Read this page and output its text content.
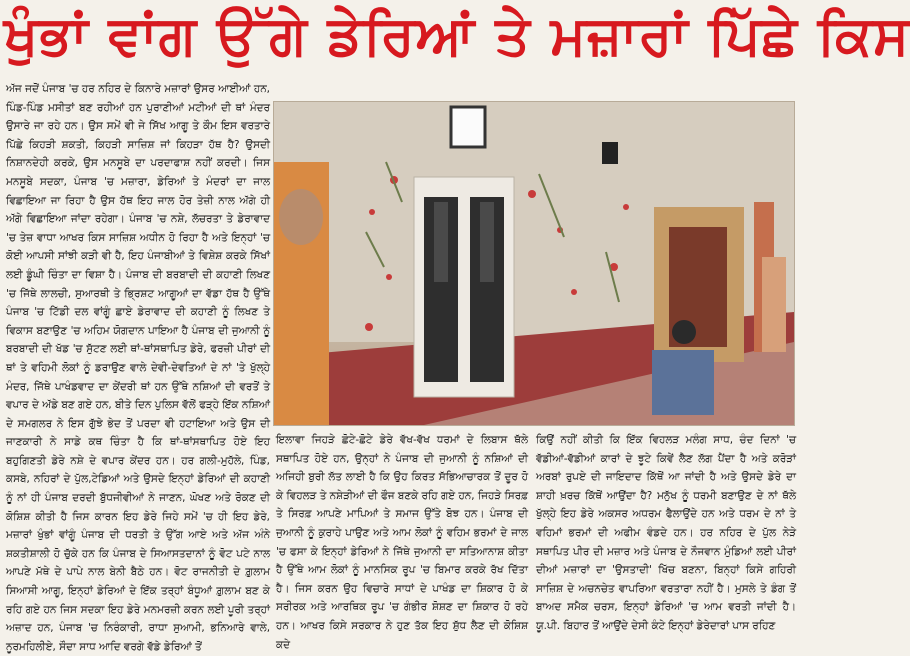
ਖੁੰਭਾਂ ਵਾਂਗ ਉੱਗੇ ਡੇਰਿਆਂ ਤੇ ਮਜ਼ਾਰਾਂ ਪਿੱਛੇ ਕਿਸ
ਅੱਜ ਜਦੋਂ ਪੰਜਾਬ 'ਚ ਹਰ ਨਹਿਰ ਦੇ ਕਿਨਾਰੇ ਮਜ਼ਾਰਾਂ ਉਸਰ ਆਈਆਂ ਹਨ, ਪਿੰਡ-ਪਿੰਡ ਮਸੀਤਾਂ ਬਣ ਰਹੀਆਂ ਹਨ ਪੁਰਾਣੀਆਂ ਮਟੀਆਂ ਦੀ ਥਾਂ ਮੰਦਰ ਉਸਾਰੇ ਜਾ ਰਹੇ ਹਨ। ਉਸ ਸਮੇਂ ਵੀ ਜੇ ਸਿੱਖ ਆਗੂ ਤੇ ਕੌਮ ਇਸ ਵਰਤਾਰੇ ਪਿੱਛੇ ਕਿਹੜੀ ਸ਼ਕਤੀ, ਕਿਹੜੀ ਸਾਜ਼ਿਸ਼ ਜਾਂ ਕਿਹੜਾ ਹੱਥ ਹੈ? ਉਸਦੀ ਨਿਸ਼ਾਨਦੇਹੀ ਕਰਕੇ, ਉਸ ਮਨਸੂਬੇ ਦਾ ਪਰਦਾਫਾਸ਼ ਨਹੀਂ ਕਰਦੀ। ਜਿਸ ਮਨਸੂਬੇ ਸਦਕਾ, ਪੰਜਾਬ 'ਚ ਮਜ਼ਾਰਾ, ਡੇਰਿਆਂ ਤੇ ਮੰਦਰਾਂ ਦਾ ਜਾਲ ਵਿਛਾਇਆ ਜਾ ਰਿਹਾ ਹੈ ਉਸ ਹੱਥ ਇਹ ਜਾਲ ਹੋਰ ਤੇਜ਼ੀ ਨਾਲ ਅੱਗੇ ਹੀ ਅੱਗੇ ਵਿਛਾਇਆ ਜਾਂਦਾ ਰਹੇਗਾ। ਪੰਜਾਬ 'ਚ ਨਸ਼ੇ, ਲੱਚਰਤਾ ਤੇ ਡੇਰਾਵਾਦ 'ਚ ਤੇਜ਼ ਵਾਧਾ ਆਖਰ ਕਿਸ ਸਾਜ਼ਿਸ਼ ਅਧੀਨ ਹੋ ਰਿਹਾ ਹੈ ਅਤੇ ਇਨ੍ਹਾਂ 'ਚ ਕੋਈ ਆਪਸੀ ਸਾਂਝੀ ਕੜੀ ਵੀ ਹੈ, ਇਹ ਪੰਜਾਬੀਆਂ ਤੇ ਵਿਸ਼ੇਸ਼ ਕਰਕੇ ਸਿੱਖਾਂ ਲਈ ਡੂੰਘੀ ਚਿੰਤਾ ਦਾ ਵਿਸ਼ਾ ਹੈ। ਪੰਜਾਬ ਦੀ ਬਰਬਾਦੀ ਦੀ ਕਹਾਣੀ ਲਿਖਣ 'ਚ ਜਿੱਥੇ ਲਾਲਚੀ, ਸੁਆਰਥੀ ਤੇ ਭ੍ਰਿਸ਼ਟ ਆਗੂਆਂ ਦਾ ਵੱਡਾ ਹੱਥ ਹੈ ਉੱਥੇ ਪੰਜਾਬ 'ਚ ਟਿੱਡੀ ਦਲ ਵਾਂਗੂੰ ਛਾਏ ਡੇਰਾਵਾਦ ਦੀ ਕਹਾਣੀ ਨੂੰ ਲਿਖਣ ਤੇ ਵਿਕਾਸ ਬਣਾਉਣ 'ਚ ਅਹਿਮ ਯੋਗਦਾਨ ਪਾਇਆ ਹੈ ਪੰਜਾਬ ਦੀ ਜੁਆਨੀ ਨੂੰ ਬਰਬਾਦੀ ਦੀ ਖੱਡ 'ਚ ਸੁੱਟਣ ਲਈ ਥਾਂ-ਥਾਂਸਥਾਪਿਤ ਡੇਰੇ, ਫਰਜ਼ੀ ਪੀਰਾਂ ਦੀ ਥਾਂ ਤੇ ਵਹਿਮੀ ਲੋਕਾਂ ਨੂੰ ਡਰਾਉਣ ਵਾਲੇ ਦੇਵੀ-ਦੇਵਤਿਆਂ ਦੇ ਨਾਂ 'ਤੇ ਖੁੱਲ੍ਹੇ ਮੰਦਰ, ਜਿੱਥੇ ਪਾਖੰਡਵਾਦ ਦਾ ਕੇਂਦਰੀ ਥਾਂ ਹਨ ਉੱਥੇ ਨਸ਼ਿਆਂ ਦੀ ਵਰਤੋਂ ਤੇ ਵਪਾਰ ਦੇ ਅੱਡੇ ਬਣ ਗਏ ਹਨ, ਬੀਤੇ ਦਿਨ ਪੁਲਿਸ ਵੱਲੋਂ ਫੜ੍ਹੇ ਇੱਕ ਨਸ਼ਿਆਂ ਦੇ ਸਮਗਲਰ ਨੇ ਇਸ ਗੁੱਝੇ ਭੇਦ ਤੋਂ ਪਰਦਾ ਵੀ ਹਟਾਇਆ ਅਤੇ ਉਸ ਦੀ ਜਾਣਕਾਰੀ ਨੇ ਸਾਡੇ ਕਥ ਚਿੰਤਾ ਹੈ ਕਿ ਥਾਂ-ਥਾਂਸਥਾਪਿਤ ਹੋਏ ਇਹ ਬਹੁਗਿਣਤੀ ਡੇਰੇ ਨਸ਼ੇ ਦੇ ਵਪਾਰ ਕੇਂਦਰ ਹਨ। ਹਰ ਗਲੀ-ਮੁਹੱਲੇ, ਪਿੰਡ, ਕਸਬੇ, ਨਹਿਰਾਂ ਦੇ ਪੁੱਲ,ਟੇਡਿਆਂ ਅਤੇ ਉਸਦੇ ਇਨ੍ਹਾਂ ਡੇਰਿਆਂ ਦੀ ਕਹਾਣੀ ਨੂੰ ਨਾਂ ਹੀ ਪੰਜਾਬ ਦਰਦੀ ਬੁੱਧਜੀਵੀਆਂ ਨੇ ਜਾਣਨ, ਘੋਖਣ ਅਤੇ ਰੋਕਣ ਦੀ ਕੋਸ਼ਿਸ਼ ਕੀਤੀ ਹੈ ਜਿਸ ਕਾਰਨ ਇਹ ਡੇਰੇ ਜਿਹੇ ਸਮੇਂ 'ਚ ਹੀ ਇਹ ਡੇਰੇ, ਮਜ਼ਾਰਾਂ ਖੁੰਭਾਂ ਵਾਂਗੂੰ ਪੰਜਾਬ ਦੀ ਧਰਤੀ ਤੇ ਉੱਗ ਆਏ ਅਤੇ ਅੱਜ ਅੰਨੇ ਸ਼ਕਤੀਸ਼ਾਲੀ ਹੋ ਚੁੱਕੇ ਹਨ ਕਿ ਪੰਜਾਬ ਦੇ ਸਿਆਸਤਦਾਨਾਂ ਨੂੰ ਵੋਟ ਪਟੇ ਨਾਲ ਆਪਣੇ ਮੱਥੇ ਦੇ ਪਾਪੇ ਨਾਲ ਬੇਨੀ ਬੈਠੇ ਹਨ। ਵੋਟ ਰਾਜਨੀਤੀ ਦੇ ਗ਼ੁਲਾਮ ਸਿਆਸੀ ਆਗੂ, ਇਨ੍ਹਾਂ ਡੇਰਿਆਂ ਦੇ ਇੱਕ ਤਰ੍ਹਾਂ ਬੰਧੂਆਂ ਗ਼ੁਲਾਮ ਬਣ ਕੇ ਰਹਿ ਗਏ ਹਨ ਜਿਸ ਸਦਕਾ ਇਹ ਡੇਰੇ ਮਨਮਰਜ਼ੀ ਕਰਨ ਲਈ ਪੂਰੀ ਤਰ੍ਹਾਂ ਅਜ਼ਾਦ ਹਨ, ਪੰਜਾਬ 'ਚ ਨਿਰੰਕਾਰੀ, ਰਾਧਾ ਸੁਆਮੀ, ਭਨਿਆਰੇ ਵਾਲੇ, ਨੂਰਮਹਿਲੀਏ, ਸੌਦਾ ਸਾਧ ਆਦਿ ਵਰਗੇ ਵੱਡੇ ਡੇਰਿਆਂ ਤੋਂ
ਇਲਾਵਾ ਜਿਹੜੇ ਛੋਟੇ-ਛੋਟੇ ਡੇਰੇ ਵੱਖ-ਵੱਖ ਧਰਮਾਂ ਦੇ ਲਿਬਾਸ ਥੱਲੇ ਸਥਾਪਿਤ ਹੋਏ ਹਨ, ਉਨ੍ਹਾਂ ਨੇ ਪੰਜਾਬ ਦੀ ਜੁਆਨੀ ਨੂੰ ਨਸ਼ਿਆਂ ਦੀ ਅਜਿਹੀ ਬੁਰੀ ਲੱਤ ਲਾਈ ਹੈ ਕਿ ਉਹ ਕਿਰਤ ਸੱਭਿਆਚਾਰਕ ਤੋਂ ਦੂਰ ਹੋ ਕੇ ਵਿਹਲੜ ਤੇ ਨਸ਼ੇੜੀਆਂ ਦੀ ਫੌਜ ਬਣਕੇ ਰਹਿ ਗਏ ਹਨ, ਜਿਹੜੇ ਸਿਰਫ਼ ਤੇ ਸਿਰਫ਼ ਆਪਣੇ ਮਾਪਿਆਂ ਤੇ ਸਮਾਜ ਉੱਤੇ ਬੋਝ ਹਨ। ਪੰਜਾਬ ਦੀ ਜੁਆਨੀ ਨੂੰ ਕੁਰਾਹੇ ਪਾਉਣ ਅਤੇ ਆਮ ਲੋਕਾਂ ਨੂੰ ਵਹਿਮ ਭਰਮਾਂ ਦੇ ਜਾਲ 'ਚ ਫਸਾ ਕੇ ਇਨ੍ਹਾਂ ਡੇਰਿਆਂ ਨੇ ਜਿੱਥੇ ਜੁਆਨੀ ਦਾ ਸਤਿਆਨਾਸ਼ ਕੀਤਾ ਹੈ ਉੱਥੇ ਆਮ ਲੋਕਾਂ ਨੂੰ ਮਾਨਸਿਕ ਰੂਪ 'ਚ ਬਿਮਾਰ ਕਰਕੇ ਰੱਖ ਦਿੱਤਾ ਹੈ। ਜਿਸ ਕਰਨ ਉਹ ਵਿਚਾਰੇ ਸਾਧਾਂ ਦੇ ਪਾਖੰਡ ਦਾ ਸ਼ਿਕਾਰ ਹੋ ਕੇ ਸਰੀਰਕ ਅਤੇ ਆਰਥਿਕ ਰੂਪ 'ਚ ਗੰਭੀਰ ਸ਼ੋਸ਼ਣ ਦਾ ਸ਼ਿਕਾਰ ਹੋ ਰਹੇ ਹਨ। ਆਖਰ ਕਿਸੇ ਸਰਕਾਰ ਨੇ ਹੁਣ ਤੱਕ ਇਹ ਸ਼ੁੱਧ ਲੈਣ ਦੀ ਕੋਸ਼ਿਸ਼ ਕਦੇ
ਕਿਉਂ ਨਹੀਂ ਕੀਤੀ ਕਿ ਇੱਕ ਵਿਹਲੜ ਮਲੰਗ ਸਾਧ, ਚੰਦ ਦਿਨਾਂ 'ਚ ਵੱਡੀਆਂ-ਵੱਡੀਆਂ ਕਾਰਾਂ ਦੇ ਝੂਟੇ ਕਿਵੇਂ ਲੈਣ ਲੱਗ ਪੈਂਦਾ ਹੈ ਅਤੇ ਕਰੋੜਾਂ ਅਰਬਾਂ ਰੁਪਏ ਦੀ ਜਾਇਦਾਦ ਕਿੱਥੋਂ ਆ ਜਾਂਦੀ ਹੈ ਅਤੇ ਉਸਦੇ ਡੇਰੇ ਦਾ ਸ਼ਾਹੀ ਖ਼ਰਚ ਕਿੱਥੋਂ ਆਉਂਦਾ ਹੈ? ਮਨੁੱਖ ਨੂੰ ਧਰਮੀ ਬਣਾਉਣ ਦੇ ਨਾਂ ਥੱਲੇ ਖੁੱਲ੍ਹੇ ਇਹ ਡੇਰੇ ਅਕਸਰ ਅਧਰਮ ਫੈਲਾਉਂਦੇ ਹਨ ਅਤੇ ਧਰਮ ਦੇ ਨਾਂ ਤੇ ਵਹਿਮਾਂ ਭਰਮਾਂ ਦੀ ਅਫੀਮ ਵੰਡਦੇ ਹਨ। ਹਰ ਨਹਿਰ ਦੇ ਪੁੱਲ ਨੇੜੇ ਸਥਾਪਿਤ ਪੀਰ ਦੀ ਮਜ਼ਾਰ ਅਤੇ ਪੰਜਾਬ ਦੇ ਨੌਜਵਾਨ ਮੁੰਡਿਆਂ ਲਈ ਪੀਰਾਂ ਦੀਆਂ ਮਜ਼ਾਰਾਂ ਦਾ 'ਉਸਤਾਦੀ' ਖਿੱਚ ਬਣਨਾ, ਬਿਨ੍ਹਾਂ ਕਿਸੇ ਗਹਿਰੀ ਸਾਜ਼ਿਸ਼ ਦੇ ਅਚਨਚੇਤ ਵਾਪਰਿਆ ਵਰਤਾਰਾ ਨਹੀਂ ਹੈ। ਮੁਸਲੇ ਤੇ ਡੰਗ ਤੋਂ ਬਾਅਦ ਸਮੈਕ ਚਰਸ, ਇਨ੍ਹਾਂ ਡੇਰਿਆਂ 'ਚ ਆਮ ਵਰਤੀ ਜਾਂਦੀ ਹੈ। ਯੂ.ਪੀ. ਬਿਹਾਰ ਤੋਂ ਆਉਂਦੇ ਦੇਸੀ ਕੰਟੇ ਇਨ੍ਹਾਂ ਡੇਰੇਦਾਰਾਂ ਪਾਸ ਰਹਿਣ
